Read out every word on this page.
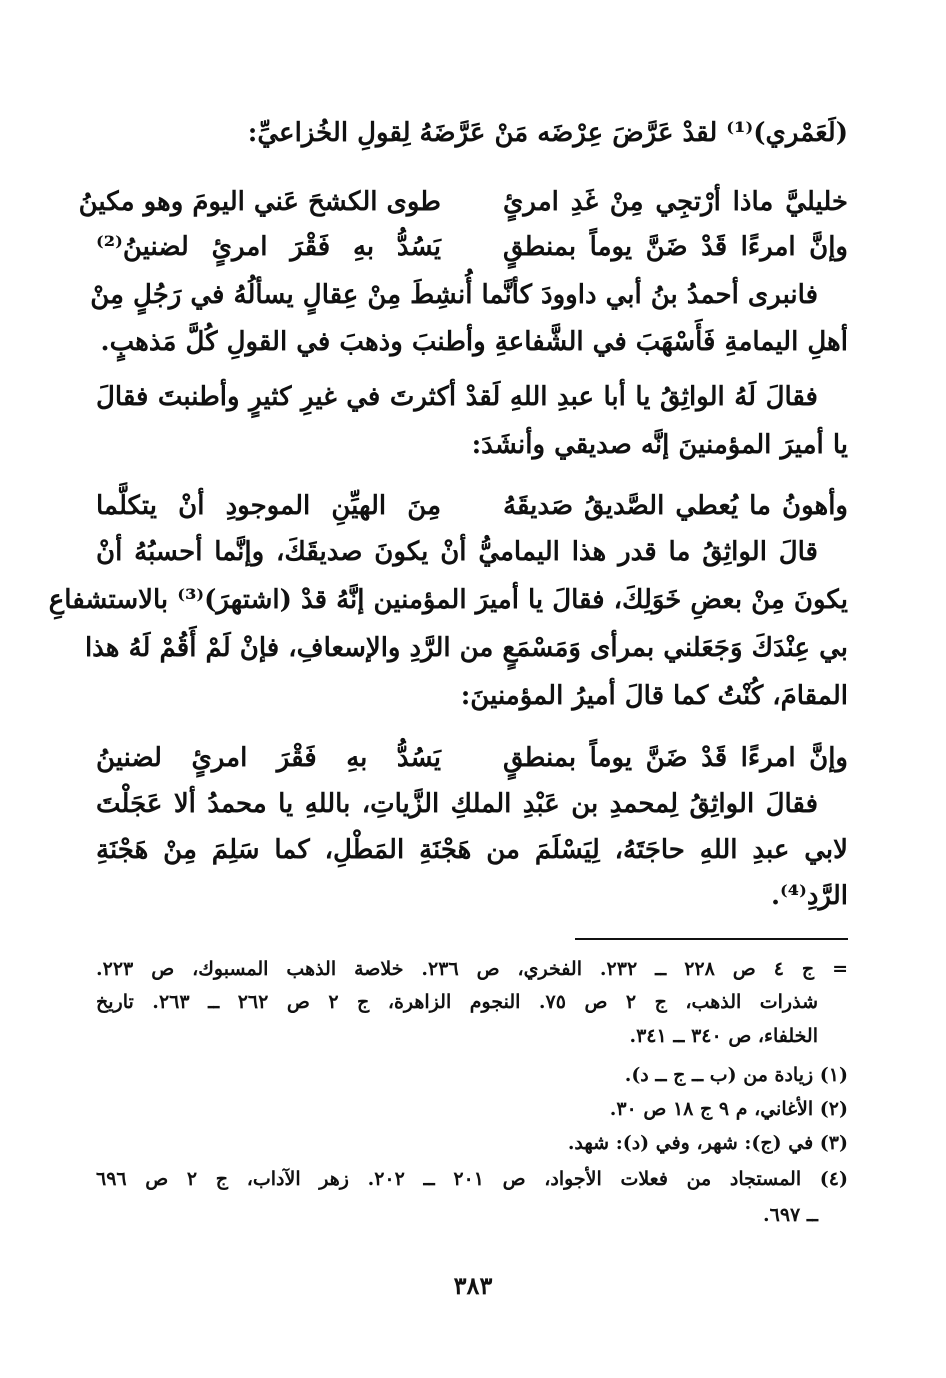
(لَعَمْري)⁽¹⁾ لقدْ عَرَّضَ عِرْضَه مَنْ عَرَّضَهُ لِقولِ الخُزاعيِّ:
خليليَّ ماذا أرْتجِي مِنْ غَدِ امرئٍ
طوى الكشحَ عَني اليومَ وهو مكينُ
وإنَّ امرءًا قَدْ ضَنَّ يوماً بمنطقٍ
يَسُدُّ بهِ فَقْرَ امرئٍ لضنينُ⁽²⁾
فانبرى أحمدُ بنُ أبي داوودَ كأنَّما أُنشِطَ مِنْ عِقالٍ يسألُهُ في رَجُلٍ مِنْ
أهلِ اليمامةِ فَأَسْهَبَ في الشَّفاعةِ وأطنبَ وذهبَ في القولِ كُلَّ مَذهبٍ.
فقالَ لَهُ الواثِقُ يا أبا عبدِ اللهِ لَقدْ أكثرتَ في غيرِ كثيرٍ وأطنبتَ فقالَ
يا أميرَ المؤمنينَ إنَّه صديقي وأنشَدَ:
وأهونُ ما يُعطي الصَّديقُ صَديقَهُ
مِنَ الهيِّنِ الموجودِ أنْ يتكلَّما
قالَ الواثِقُ ما قدر هذا اليماميُّ أنْ يكونَ صديقَكَ، وإنَّما أحسبُهُ أنْ
يكونَ مِنْ بعضِ خَوَلِكَ، فقالَ يا أميرَ المؤمنين إنَّهُ قدْ (اشتهرَ)⁽³⁾ بالاستشفاعِ
بي عِنْدَكَ وَجَعَلني بمرأى وَمَسْمَعٍ من الرَّدِ والإسعافِ، فإنْ لَمْ أَقُمْ لَهُ هذا
المقامَ، كُنْتُ كما قالَ أميرُ المؤمنينَ:
وإنَّ امرءًا قَدْ ضَنَّ يوماً بمنطقٍ
يَسُدُّ بهِ فَقْرَ امرئٍ لضنينُ
فقالَ الواثِقُ لِمحمدِ بن عَبْدِ الملكِ الزَّياتِ، باللهِ يا محمدُ ألا عَجَلْتَ
لابي عبدِ اللهِ حاجَتَهُ، لِيَسْلَمَ من هَجْنَةِ المَطْلِ، كما سَلِمَ مِنْ هَجْنَةِ
الرَّدِ⁽⁴⁾.
= ج ٤ ص ٢٢٨ ــ ٢٣٢. الفخري، ص ٢٣٦. خلاصة الذهب المسبوك، ص ٢٢٣.
شذرات الذهب، ج ٢ ص ٧٥. النجوم الزاهرة، ج ٢ ص ٢٦٢ ــ ٢٦٣. تاريخ
الخلفاء، ص ٣٤٠ ــ ٣٤١.
(١) زيادة من (ب ــ ج ــ د).
(٢) الأغاني، م ٩ ج ١٨ ص ٣٠.
(٣) في (ج): شهر، وفي (د): شهد.
(٤) المستجاد من فعلات الأجواد، ص ٢٠١ ــ ٢٠٢. زهر الآداب، ج ٢ ص ٦٩٦
ــ ٦٩٧.
٣٨٣
